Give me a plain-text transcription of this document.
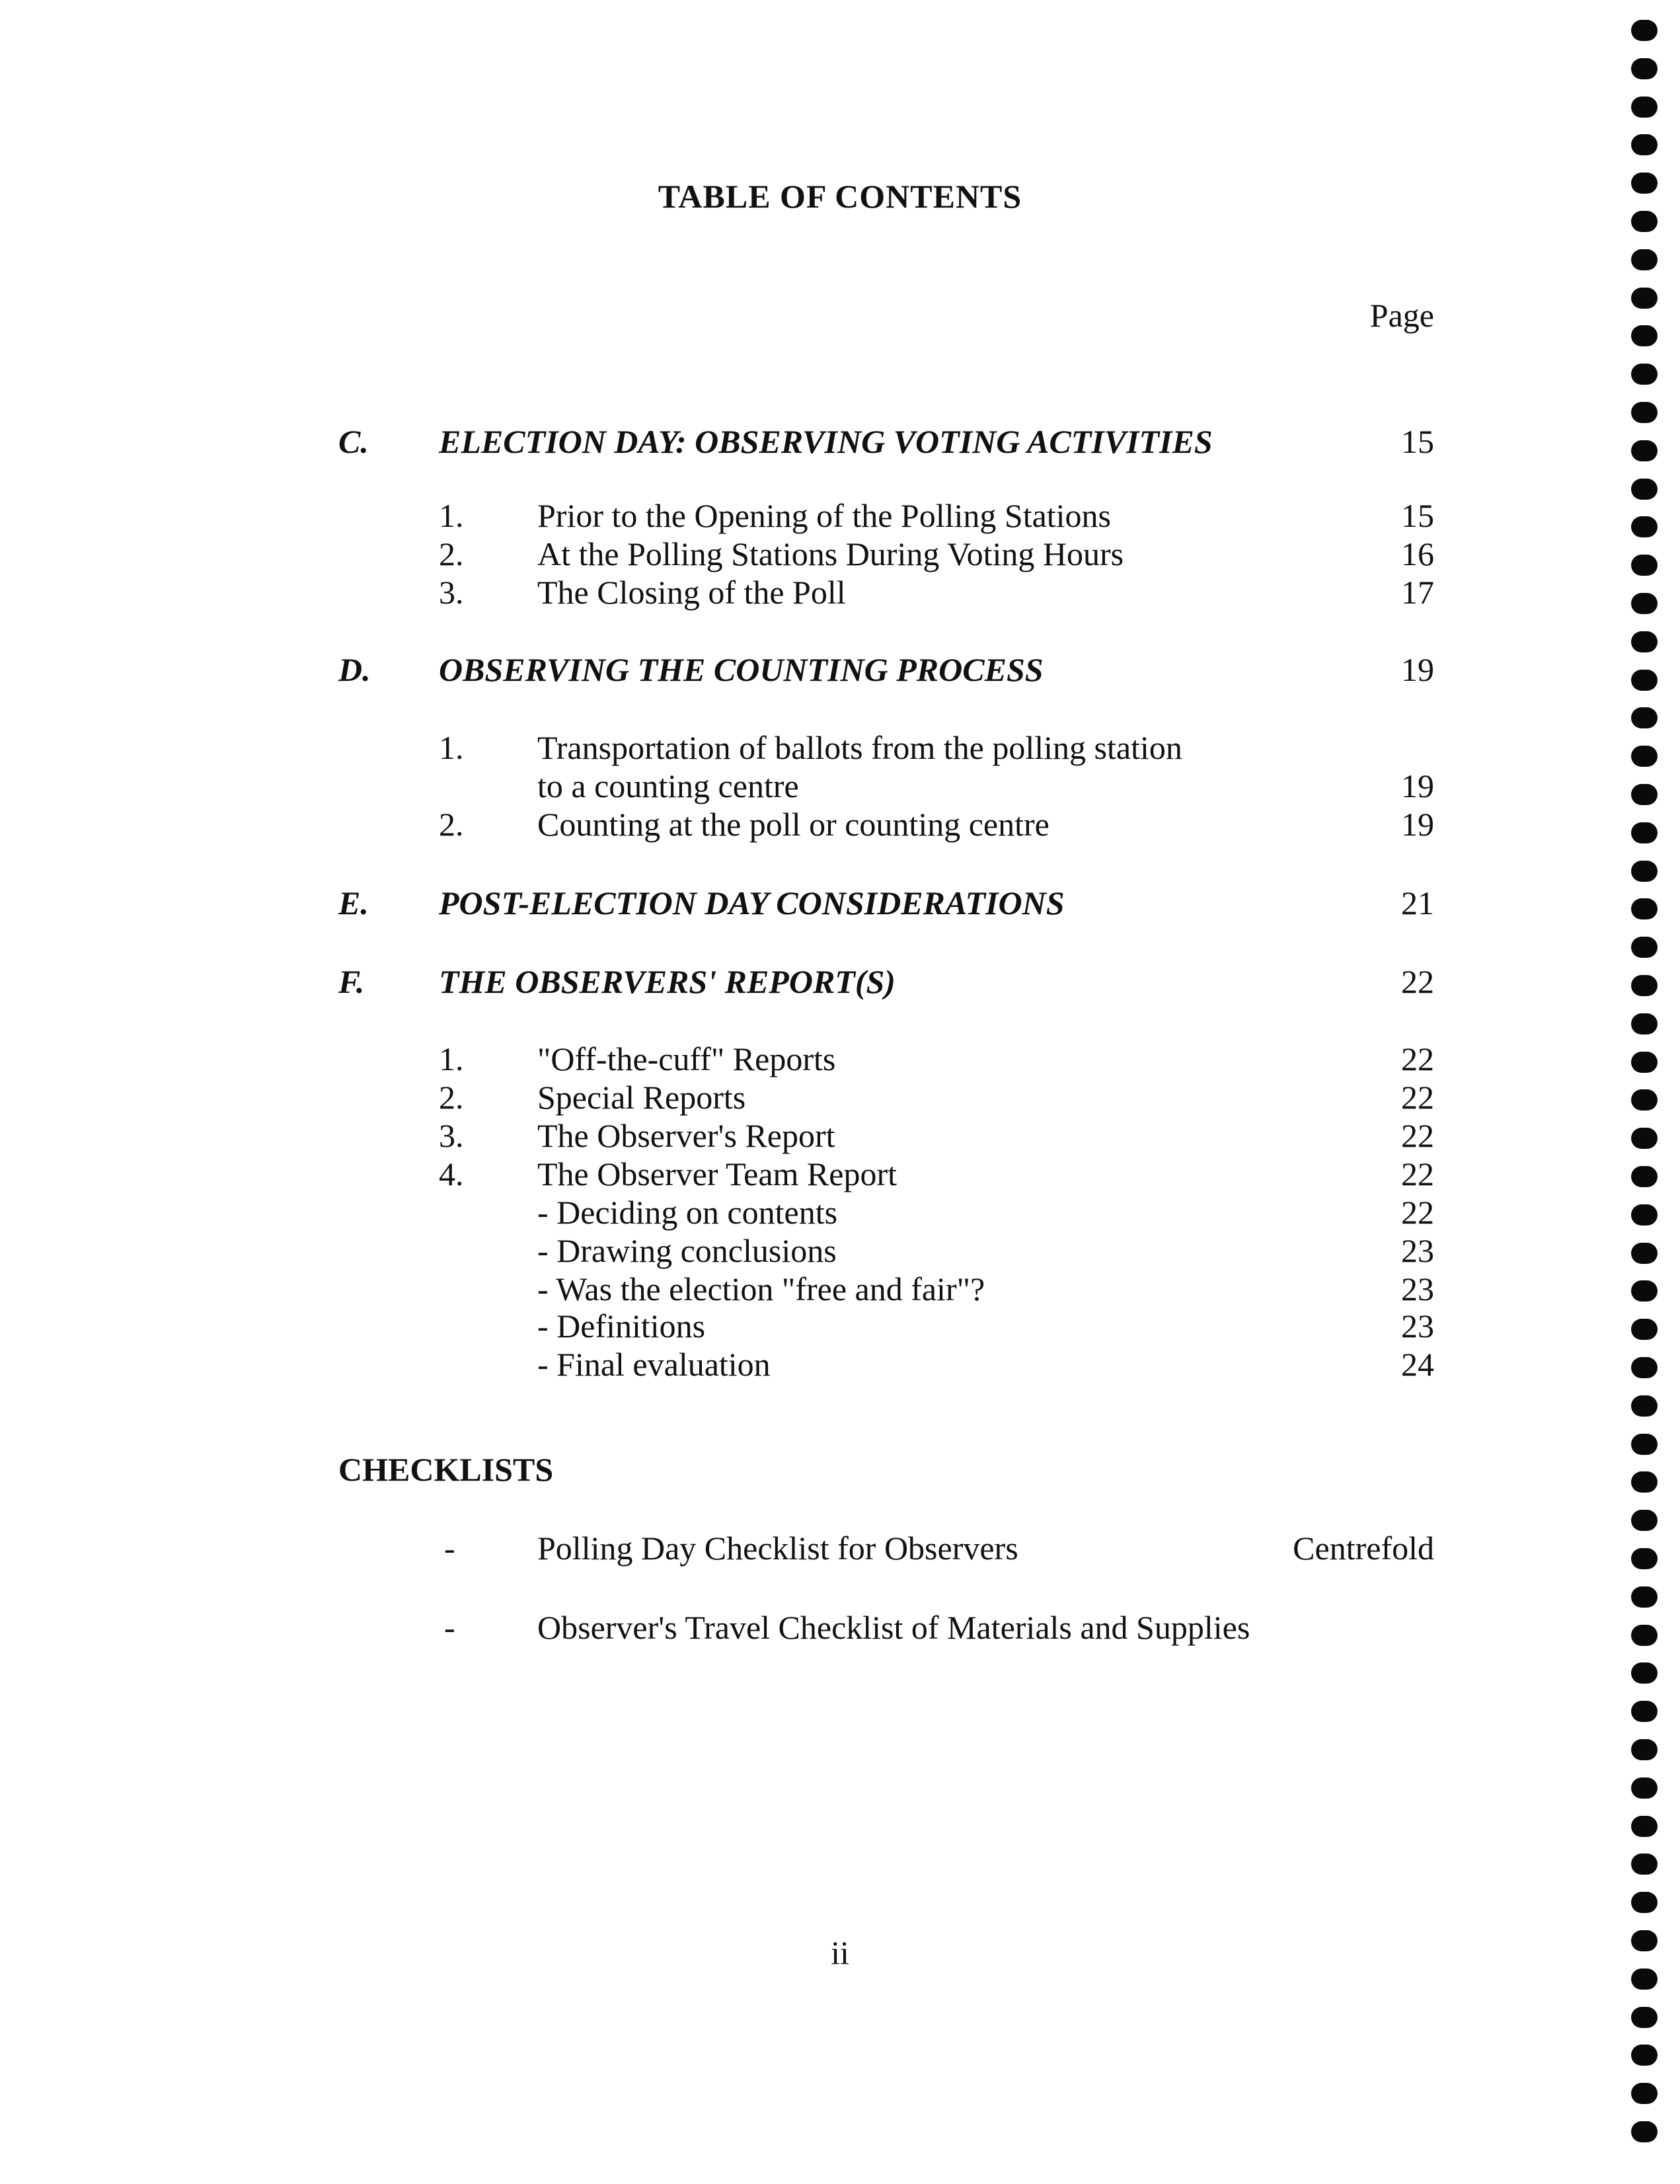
TABLE OF CONTENTS
Page
C. ELECTION DAY: OBSERVING VOTING ACTIVITIES	15
1. Prior to the Opening of the Polling Stations	15
2. At the Polling Stations During Voting Hours	16
3. The Closing of the Poll	17
D. OBSERVING THE COUNTING PROCESS	19
1. Transportation of ballots from the polling station
to a counting centre	19
2. Counting at the poll or counting centre	19
E. POST-ELECTION DAY CONSIDERATIONS	21
F. THE OBSERVERS' REPORT(S)	22
1. "Off-the-cuff" Reports	22
2. Special Reports	22
3. The Observer's Report	22
4. The Observer Team Report	22
- Deciding on contents	22
- Drawing conclusions	23
- Was the election "free and fair"?	23
- Definitions	23
- Final evaluation	24
CHECKLISTS
- Polling Day Checklist for Observers	Centrefold
- Observer's Travel Checklist of Materials and Supplies
ii
